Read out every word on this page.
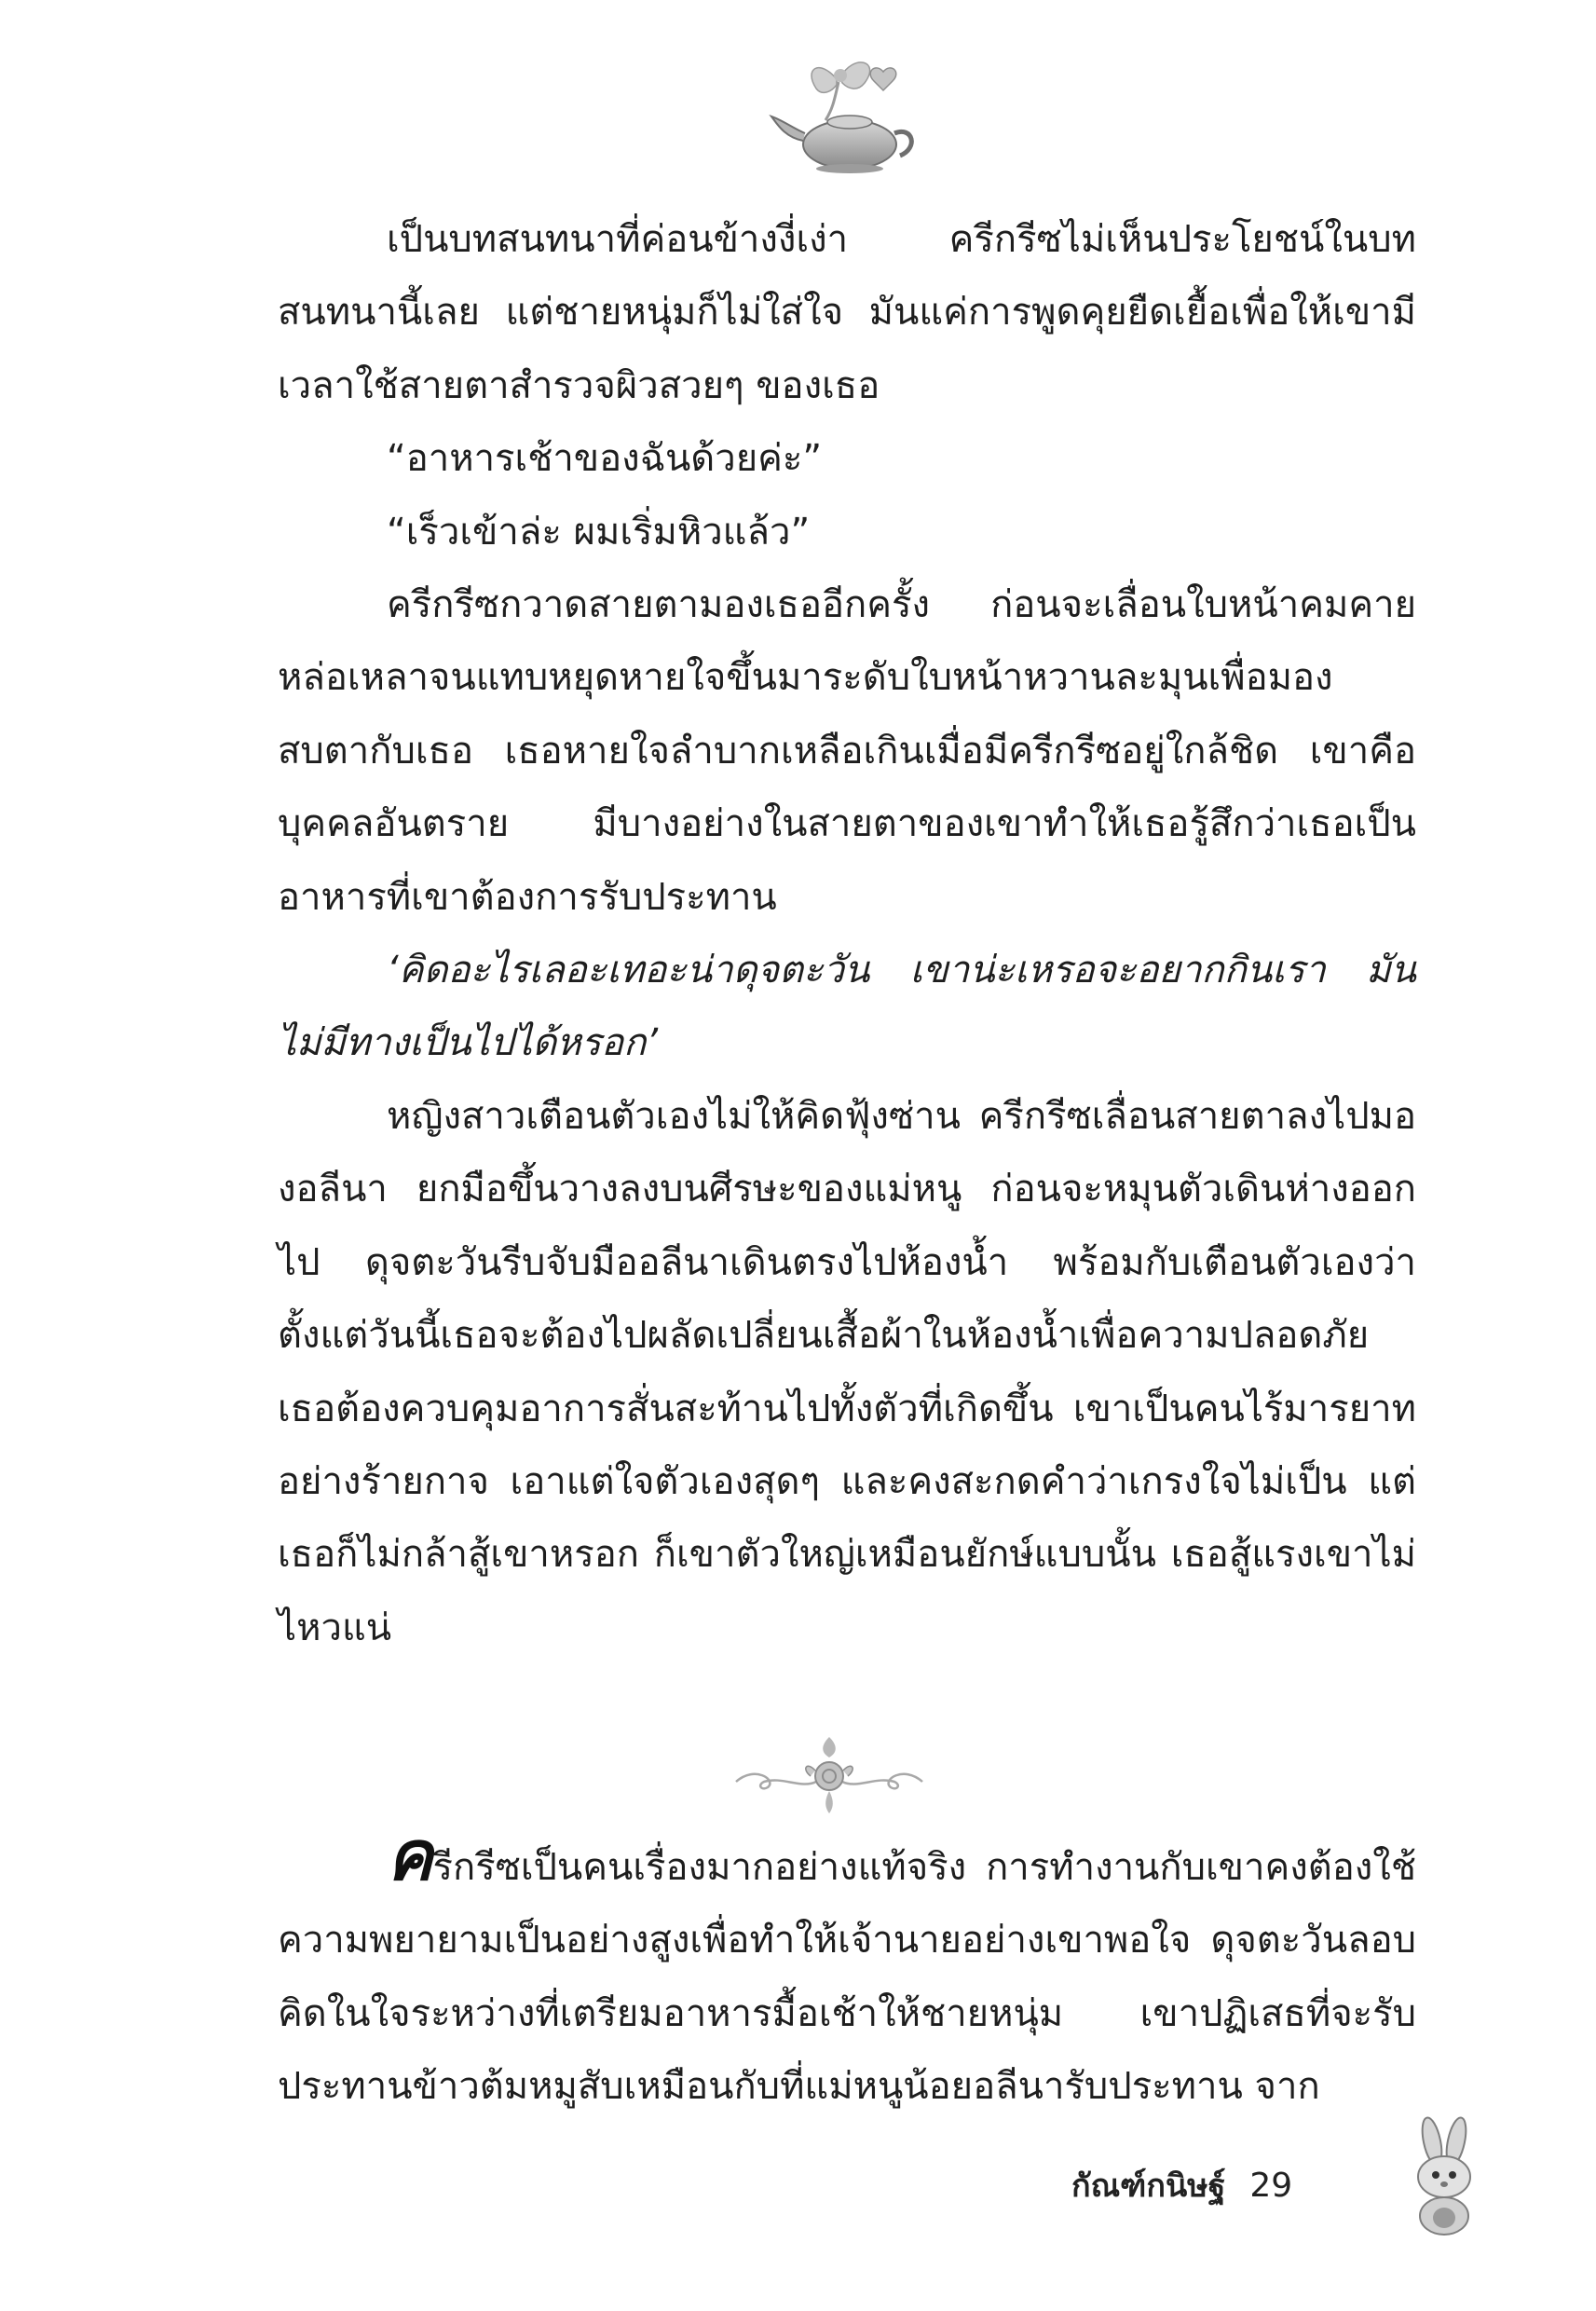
เป็นบทสนทนาที่ค่อนข้างงี่เง่า ครีกรีซไม่เห็นประโยชน์ในบทสนทนานี้เลย แต่ชายหนุ่มก็ไม่ใส่ใจ มันแค่การพูดคุยยืดเยื้อเพื่อให้เขามีเวลาใช้สายตาสำรวจผิวสวยๆ ของเธอ

“อาหารเช้าของฉันด้วยค่ะ”

“เร็วเข้าล่ะ ผมเริ่มหิวแล้ว”

ครีกรีซกวาดสายตามองเธออีกครั้ง ก่อนจะเลื่อนใบหน้าคมคายหล่อเหลาจนแทบหยุดหายใจขึ้นมาระดับใบหน้าหวานละมุนเพื่อมองสบตากับเธอ เธอหายใจลำบากเหลือเกินเมื่อมีครีกรีซอยู่ใกล้ชิด เขาคือบุคคลอันตราย มีบางอย่างในสายตาของเขาทำให้เธอรู้สึกว่าเธอเป็นอาหารที่เขาต้องการรับประทาน

‘คิดอะไรเลอะเทอะน่าดุจตะวัน เขาน่ะเหรอจะอยากกินเรา มันไม่มีทางเป็นไปได้หรอก’

หญิงสาวเตือนตัวเองไม่ให้คิดฟุ้งซ่าน ครีกรีซเลื่อนสายตาลงไปมองอลีนา ยกมือขึ้นวางลงบนศีรษะของแม่หนู ก่อนจะหมุนตัวเดินห่างออกไป ดุจตะวันรีบจับมืออลีนาเดินตรงไปห้องน้ำ พร้อมกับเตือนตัวเองว่าตั้งแต่วันนี้เธอจะต้องไปผลัดเปลี่ยนเสื้อผ้าในห้องน้ำเพื่อความปลอดภัย เธอต้องควบคุมอาการสั่นสะท้านไปทั้งตัวที่เกิดขึ้น เขาเป็นคนไร้มารยาทอย่างร้ายกาจ เอาแต่ใจตัวเองสุดๆ และคงสะกดคำว่าเกรงใจไม่เป็น แต่เธอก็ไม่กล้าสู้เขาหรอก ก็เขาตัวใหญ่เหมือนยักษ์แบบนั้น เธอสู้แรงเขาไม่ไหวแน่

ครีกรีซเป็นคนเรื่องมากอย่างแท้จริง การทำงานกับเขาคงต้องใช้ความพยายามเป็นอย่างสูงเพื่อทำให้เจ้านายอย่างเขาพอใจ ดุจตะวันลอบคิดในใจระหว่างที่เตรียมอาหารมื้อเช้าให้ชายหนุ่ม เขาปฏิเสธที่จะรับประทานข้าวต้มหมูสับเหมือนกับที่แม่หนูน้อยอลีนารับประทาน จาก

กัณฑ์กนิษฐ์ 29
